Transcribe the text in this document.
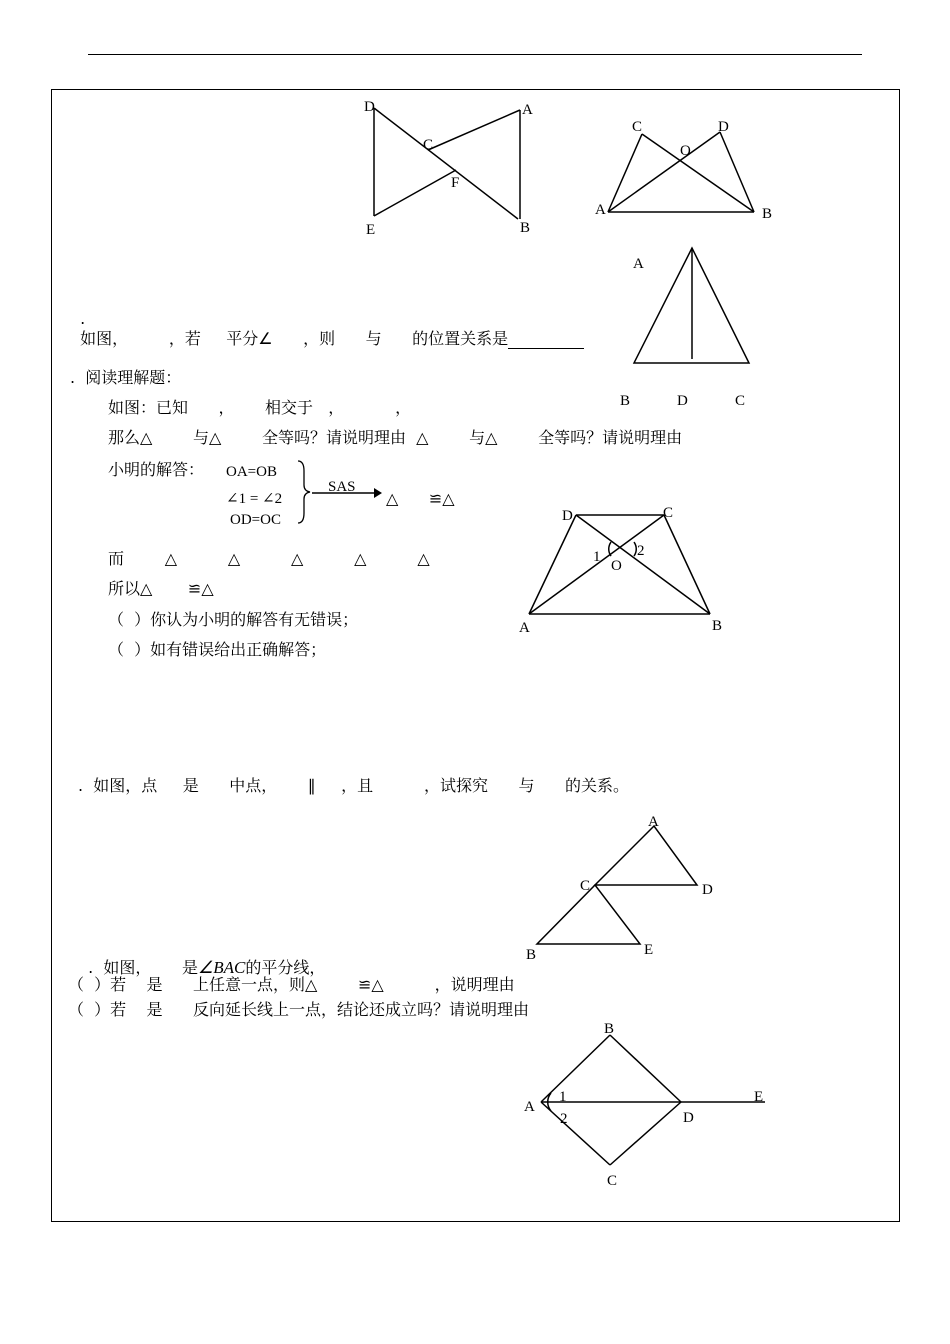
D	A
C
F
E	B
C	D
O
A	B
A
B	D	C

.
如图，        ，若     平分∠      ，则      与      的位置关系是

.  阅读理解题：
如图：已知      ，      相交于   ，          ，
那么△        与△        全等吗？请说明理由  △        与△        全等吗？请说明理由
小明的解答： OA=OB
∠1 = ∠2
OD=OC
SAS
△      ≌△
而        △          △          △          △          △
所以△       ≌△
（  ）你认为小明的解答有无错误；
（  ）如有错误给出正确解答；
D	C
1 2
O
A	B
.  如图，点     是      中点，      ∥     ，且          ，试探究      与      的关系。
A
C	D
B	E

.  如图，      是∠BAC的平分线，

（  ）若    是      上任意一点，则△        ≌△          ，说明理由
（  ）若    是      反向延长线上一点，结论还成立吗？请说明理由
B
A
1
2	D
E
C
